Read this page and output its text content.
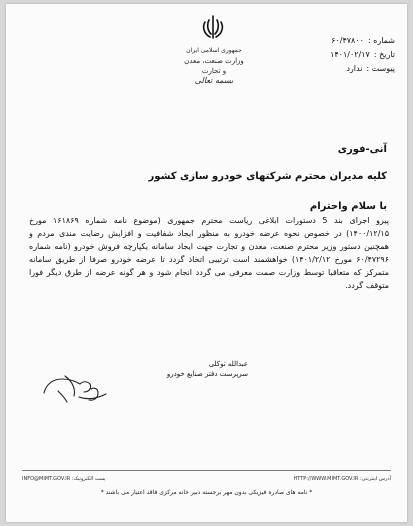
شماره :
۶۰/۴۷۸۰۰
تاریخ :
۱۴۰۱/۰۲/۱۷
پیوست :
ندارد
جمهوری اسلامی ایران
وزارت صنعت، معدن و تجارت
بسمه تعالی
آنی-فوری
کلیه مدیران محترم شرکتهای خودرو سازی کشور
با سلام واحترام
پیرو اجرای بند 5 دستورات ابلاغی ریاست محترم جمهوری (موضوع نامه شماره ۱۶۱۸۶۹ مورخ ۱۴۰۰/۱۲/۱۵) در خصوص نحوه عرضه خودرو به منظور ایجاد شفافیت و افزایش رضایت مندی مردم و همچنین دستور وزیر محترم صنعت، معدن و تجارت جهت ایجاد سامانه یکپارچه فروش خودرو (نامه شماره ۶۰/۴۷۲۹۶ مورخ ۱۴۰۱/۲/۱۲) خواهشمند است ترتیبی اتخاذ گردد تا عرضه خودرو صرفا از طریق سامانه متمرکز که متعاقبا توسط وزارت صمت معرفی می گردد انجام شود و هر گونه عرضه از طرق دیگر فورا متوقف گردد.
عبدالله توکلی
سرپرست دفتر صنایع خودرو
آدرس اینترنتی: HTTP://WWW.MIMT.GOV.IR
پست الکترونیک: INFO@MIMT.GOV.IR
* نامه های صادره فیزیکی بدون مهر برجسته دبیر خانه مرکزی فاقد اعتبار می باشند *
